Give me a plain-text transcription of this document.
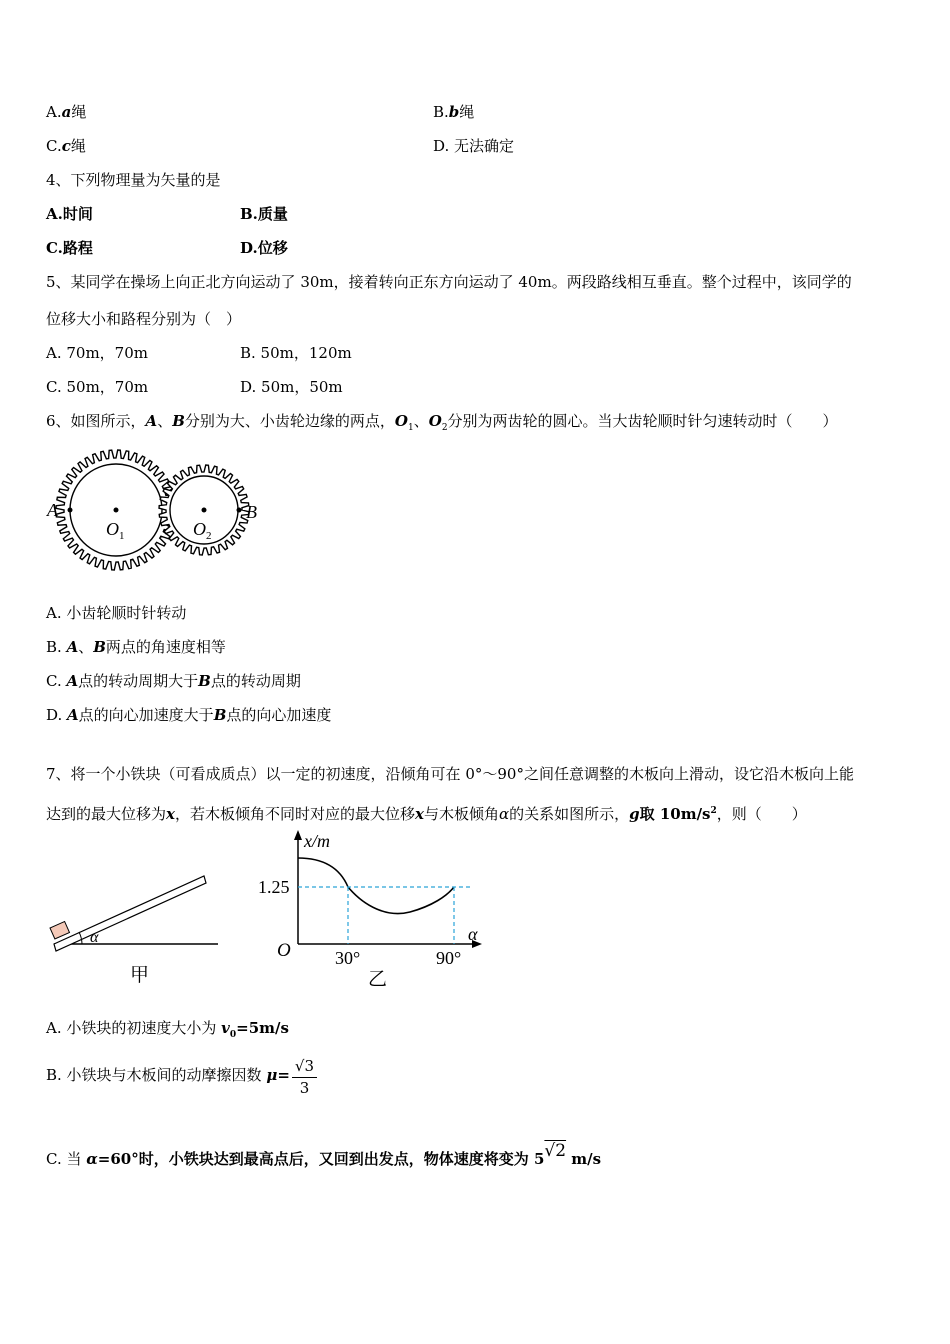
A.a绳	B.b绳
C.c绳	D. 无法确定
4、下列物理量为矢量的是
A.时间	B.质量
C.路程	D.位移
5、某同学在操场上向正北方向运动了 30m，接着转向正东方向运动了 40m。两段路线相互垂直。整个过程中，该同学的
位移大小和路程分别为（　）
A. 70m，70m	B. 50m，120m
C. 50m，70m	D. 50m，50m
6、如图所示，A、B分别为大、小齿轮边缘的两点，$O_1$、$O_2$分别为两齿轮的圆心。当大齿轮顺时针匀速转动时（　　）
A	B
O 1	O 2
A. 小齿轮顺时针转动
B. A、B两点的角速度相等
C. A点的转动周期大于B点的转动周期
D. A点的向心加速度大于B点的向心加速度
7、将一个小铁块（可看成质点）以一定的初速度，沿倾角可在 0°～90°之间任意调整的木板向上滑动，设它沿木板向上能
达到的最大位移为x，若木板倾角不同时对应的最大位移x与木板倾角α的关系如图所示，g取 $10m/s^2$，则（　　）
α
甲
x/m
1.25
O 30°	90°
α
乙
A. 小铁块的初速度大小为 $v_0=5m/s$
B. 小铁块与木板间的动摩擦因数 $\mu= \frac{√3}{3}$
C. 当 α=60°时，小铁块达到最高点后，又回到出发点，物体速度将变为 5√2 m/s
